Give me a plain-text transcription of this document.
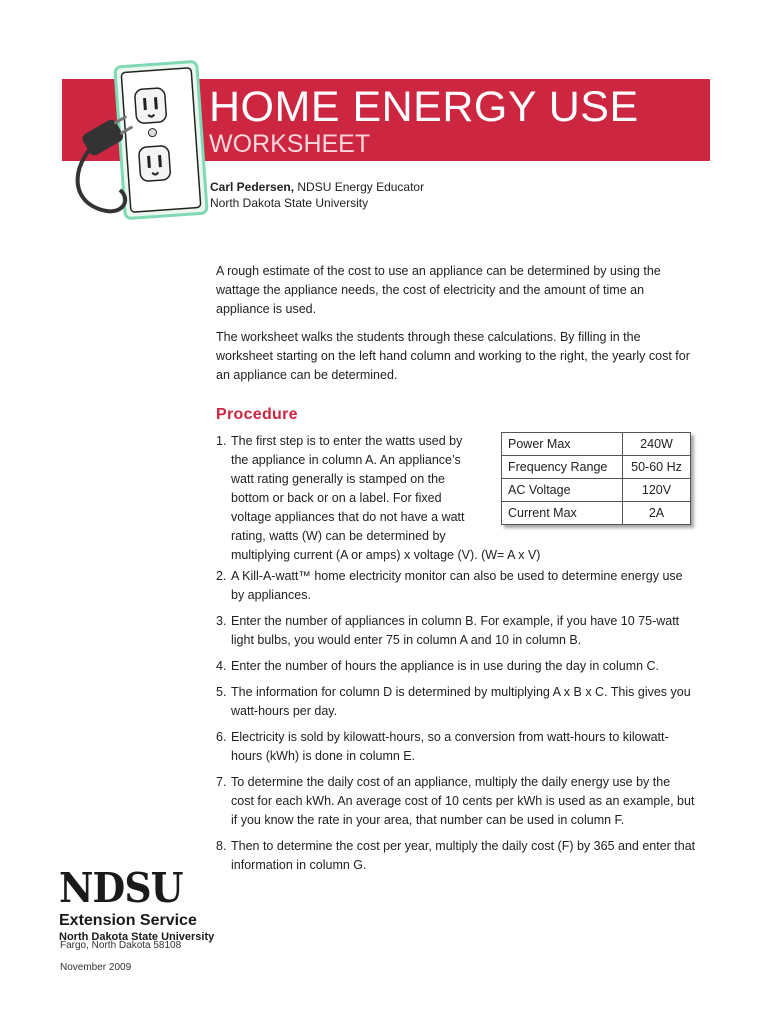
HOME ENERGY USE
WORKSHEET
Carl Pedersen, NDSU Energy Educator
North Dakota State University

A rough estimate of the cost to use an appliance can be determined by using the wattage the appliance needs, the cost of electricity and the amount of time an appliance is used.

The worksheet walks the students through these calculations. By filling in the worksheet starting on the left hand column and working to the right, the yearly cost for an appliance can be determined.

Procedure
1. The first step is to enter the watts used by
the appliance in column A. An appliance’s
watt rating generally is stamped on the
bottom or back or on a label. For fixed
voltage appliances that do not have a watt
rating, watts (W) can be determined by
multiplying current (A or amps) x voltage (V). (W= A x V)
2. A Kill-A-watt™ home electricity monitor can also be used to determine energy use by appliances.
3. Enter the number of appliances in column B. For example, if you have 10 75-watt light bulbs, you would enter 75 in column A and 10 in column B.
4. Enter the number of hours the appliance is in use during the day in column C.
5. The information for column D is determined by multiplying A x B x C. This gives you watt-hours per day.
6. Electricity is sold by kilowatt-hours, so a conversion from watt-hours to kilowatt-hours (kWh) is done in column E.
7. To determine the daily cost of an appliance, multiply the daily energy use by the cost for each kWh. An average cost of 10 cents per kWh is used as an example, but if you know the rate in your area, that number can be used in column F.
8. Then to determine the cost per year, multiply the daily cost (F) by 365 and enter that information in column G.
Power Max	240W
Frequency Range	50-60 Hz
AC Voltage	120V
Current Max	2A
NDSU
Extension Service
North Dakota State University
Fargo, North Dakota 58108
November 2009
